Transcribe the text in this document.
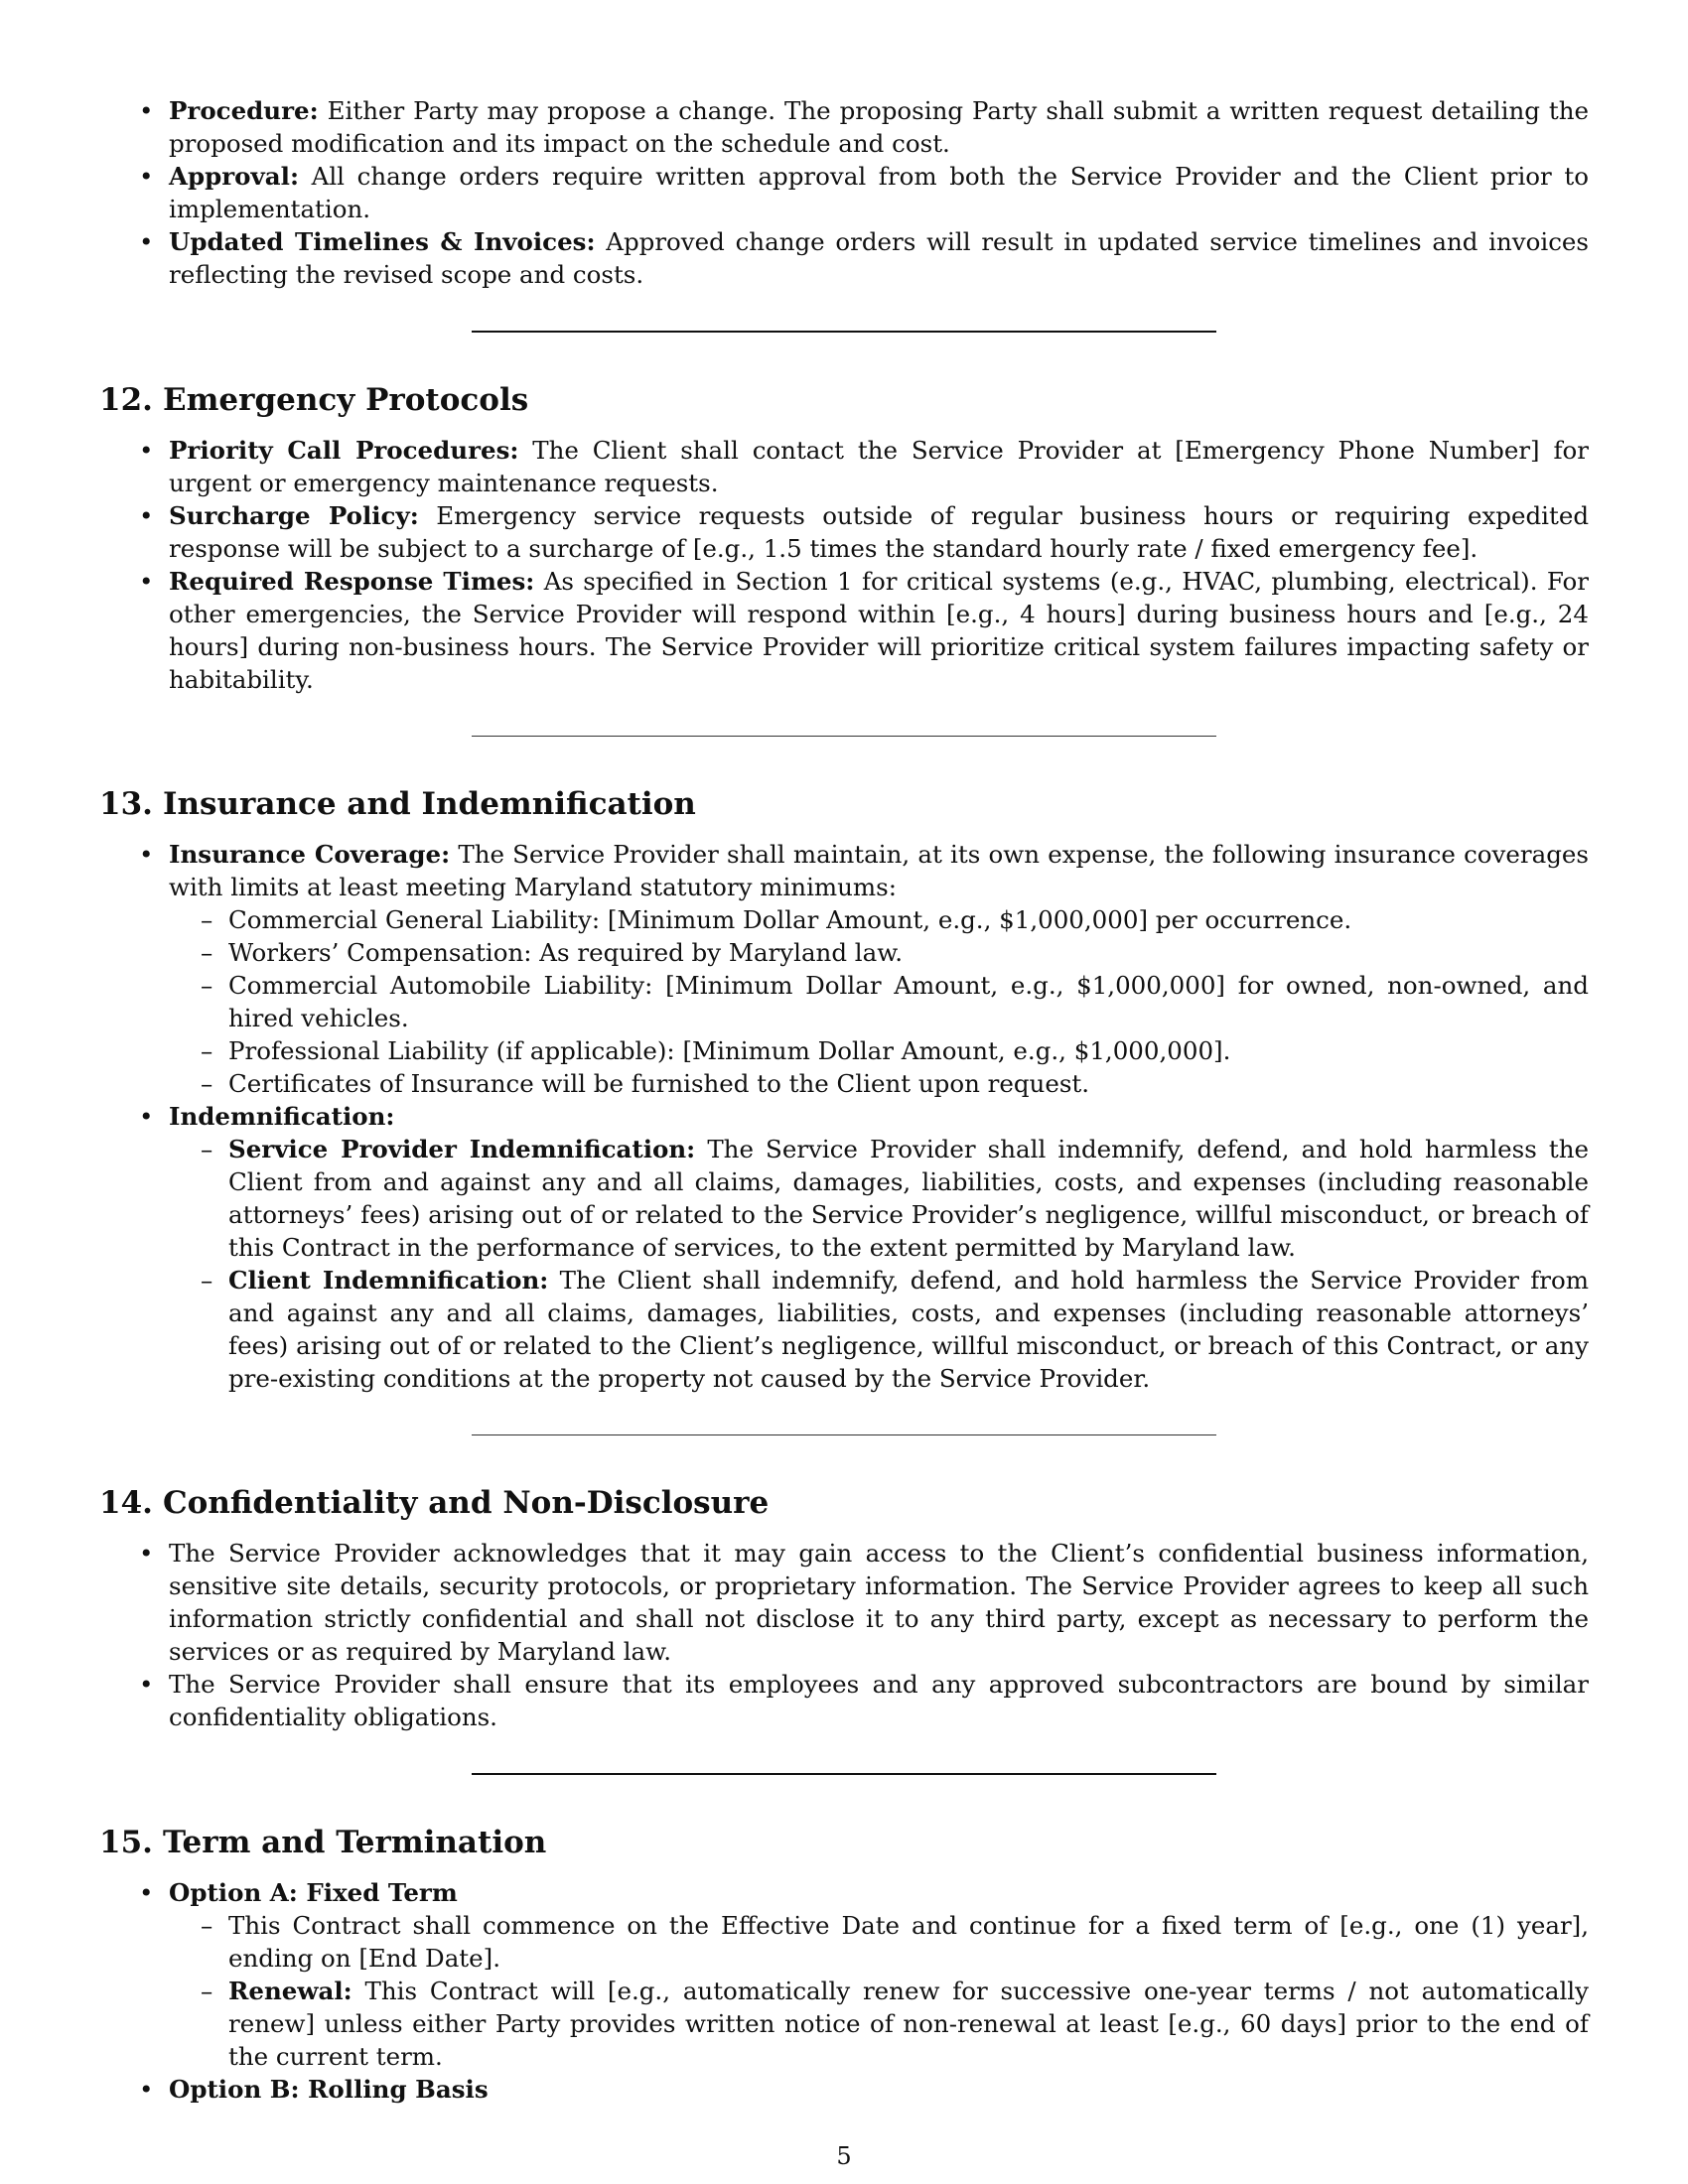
• Procedure: Either Party may propose a change. The proposing Party shall submit a written request detailing the proposed modification and its impact on the schedule and cost.
• Approval: All change orders require written approval from both the Service Provider and the Client prior to implementation.
• Updated Timelines & Invoices: Approved change orders will result in updated service timelines and invoices reflecting the revised scope and costs.
12. Emergency Protocols
• Priority Call Procedures: The Client shall contact the Service Provider at [Emergency Phone Number] for urgent or emergency maintenance requests.
• Surcharge Policy: Emergency service requests outside of regular business hours or requiring expedited response will be subject to a surcharge of [e.g., 1.5 times the standard hourly rate / fixed emergency fee].
• Required Response Times: As specified in Section 1 for critical systems (e.g., HVAC, plumbing, electrical). For other emergencies, the Service Provider will respond within [e.g., 4 hours] during business hours and [e.g., 24 hours] during non-business hours. The Service Provider will prioritize critical system failures impacting safety or habitability.
13. Insurance and Indemnification
• Insurance Coverage: The Service Provider shall maintain, at its own expense, the following insurance coverages with limits at least meeting Maryland statutory minimums:
– Commercial General Liability: [Minimum Dollar Amount, e.g., $1,000,000] per occurrence.
– Workers’ Compensation: As required by Maryland law.
– Commercial Automobile Liability: [Minimum Dollar Amount, e.g., $1,000,000] for owned, non-owned, and hired vehicles.
– Professional Liability (if applicable): [Minimum Dollar Amount, e.g., $1,000,000].
– Certificates of Insurance will be furnished to the Client upon request.
• Indemnification:
– Service Provider Indemnification: The Service Provider shall indemnify, defend, and hold harmless the Client from and against any and all claims, damages, liabilities, costs, and expenses (including reasonable attorneys’ fees) arising out of or related to the Service Provider’s negligence, willful misconduct, or breach of this Contract in the performance of services, to the extent permitted by Maryland law.
– Client Indemnification: The Client shall indemnify, defend, and hold harmless the Service Provider from and against any and all claims, damages, liabilities, costs, and expenses (including reasonable attorneys’ fees) arising out of or related to the Client’s negligence, willful misconduct, or breach of this Contract, or any pre-existing conditions at the property not caused by the Service Provider.
14. Confidentiality and Non-Disclosure
• The Service Provider acknowledges that it may gain access to the Client’s confidential business information, sensitive site details, security protocols, or proprietary information. The Service Provider agrees to keep all such information strictly confidential and shall not disclose it to any third party, except as necessary to perform the services or as required by Maryland law.
• The Service Provider shall ensure that its employees and any approved subcontractors are bound by similar confidentiality obligations.
15. Term and Termination
• Option A: Fixed Term
– This Contract shall commence on the Effective Date and continue for a fixed term of [e.g., one (1) year], ending on [End Date].
– Renewal: This Contract will [e.g., automatically renew for successive one-year terms / not automatically renew] unless either Party provides written notice of non-renewal at least [e.g., 60 days] prior to the end of the current term.
• Option B: Rolling Basis
5
